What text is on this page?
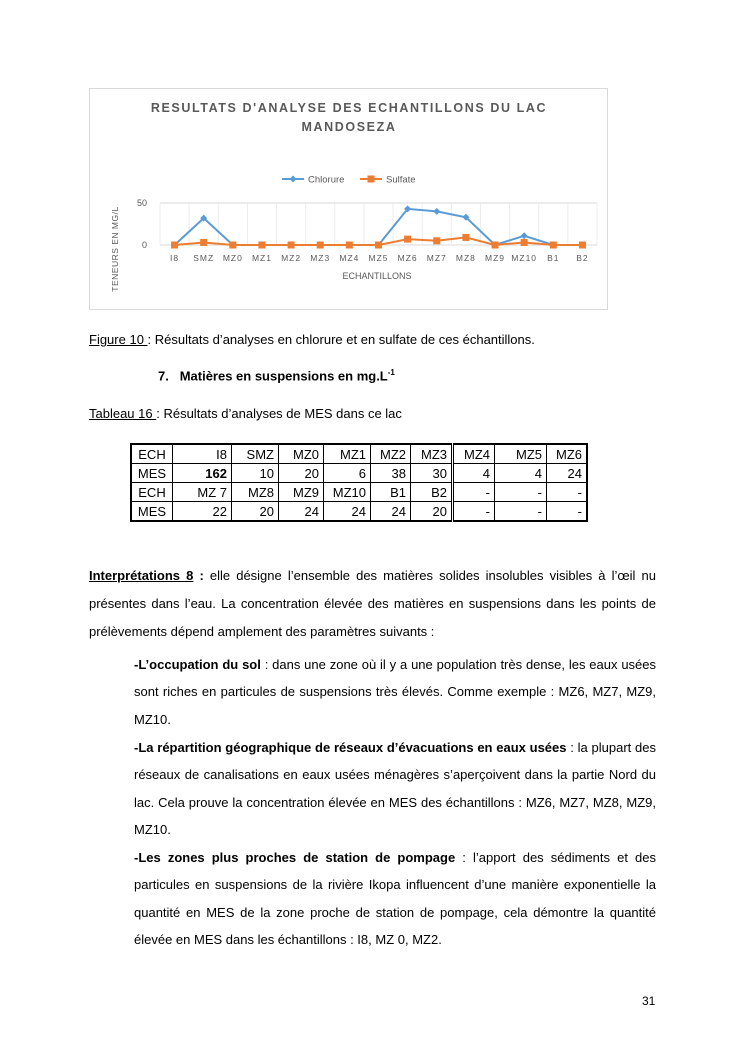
RESULTATS D'ANALYSE DES ECHANTILLONS DU LAC
MANDOSEZA
Chlorure	Sulfate
50
0
I8 SMZ MZ0 MZ1 MZ2 MZ3 MZ4 MZ5 MZ6 MZ7 MZ8 MZ9 MZ10 B1 B2
ECHANTILLONS
TENEURS EN MG/L
Figure 10 : Résultats d’analyses en chlorure et en sulfate de ces échantillons.
7. Matières en suspensions en $mg.L^{-1}$
Tableau 16 : Résultats d’analyses de MES dans ce lac
ECH	I8	SMZ	MZ0	MZ1	MZ2	MZ3	MZ4	MZ5	MZ6
MES	162	10	20	6	38	30	4	4	24
ECH	MZ 7	MZ8	MZ9	MZ10	B1	B2	-	-	-
MES	22	20	24	24	24	20	-	-	-
Interprétations 8 : elle désigne l’ensemble des matières solides insolubles visibles à l’œil nu présentes dans l’eau. La concentration élevée des matières en suspensions dans les points de prélèvements dépend amplement des paramètres suivants :
-L’occupation du sol : dans une zone où il y a une population très dense, les eaux usées sont riches en particules de suspensions très élevés. Comme exemple : MZ6, MZ7, MZ9, MZ10.
-La répartition géographique de réseaux d’évacuations en eaux usées : la plupart des réseaux de canalisations en eaux usées ménagères s’aperçoivent dans la partie Nord du lac. Cela prouve la concentration élevée en MES des échantillons : MZ6, MZ7, MZ8, MZ9, MZ10.
-Les zones plus proches de station de pompage : l’apport des sédiments et des particules en suspensions de la rivière Ikopa influencent d’une manière exponentielle la quantité en MES de la zone proche de station de pompage, cela démontre la quantité élevée en MES dans les échantillons : I8, MZ 0, MZ2.
31
